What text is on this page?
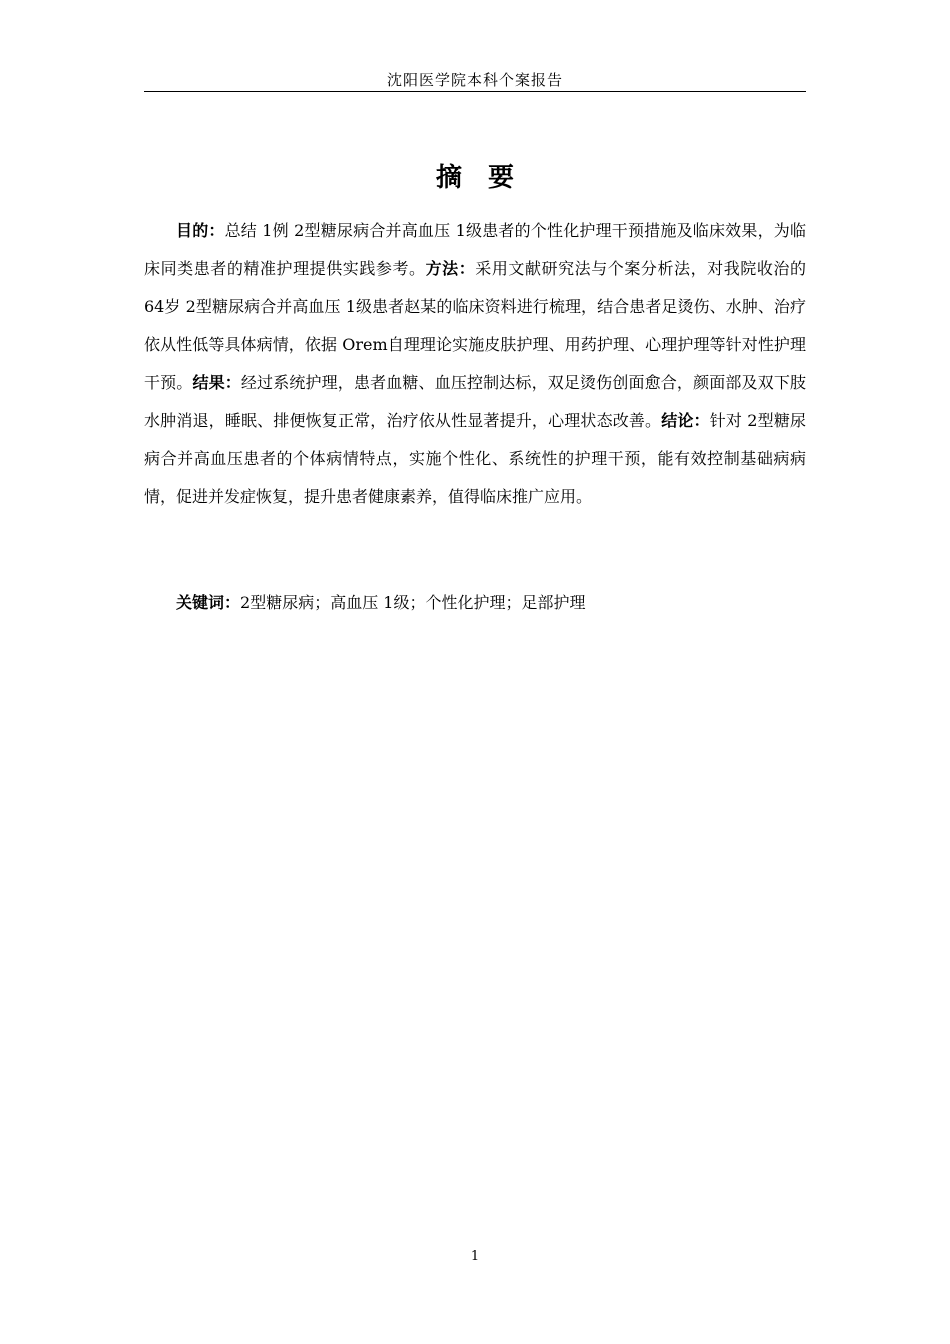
沈阳医学院本科个案报告
摘　要

目的：总结 1例 2型糖尿病合并高血压 1级患者的个性化护理干预措施及临床效果，为临床同类患者的精准护理提供实践参考。方法：采用文献研究法与个案分析法，对我院收治的 64岁 2型糖尿病合并高血压 1级患者赵某的临床资料进行梳理，结合患者足烫伤、水肿、治疗依从性低等具体病情，依据 Orem自理理论实施皮肤护理、用药护理、心理护理等针对性护理干预。结果：经过系统护理，患者血糖、血压控制达标，双足烫伤创面愈合，颜面部及双下肢水肿消退，睡眠、排便恢复正常，治疗依从性显著提升，心理状态改善。结论：针对 2型糖尿病合并高血压患者的个体病情特点，实施个性化、系统性的护理干预，能有效控制基础病病情，促进并发症恢复，提升患者健康素养，值得临床推广应用。

关键词：2型糖尿病；高血压 1级；个性化护理；足部护理

1
